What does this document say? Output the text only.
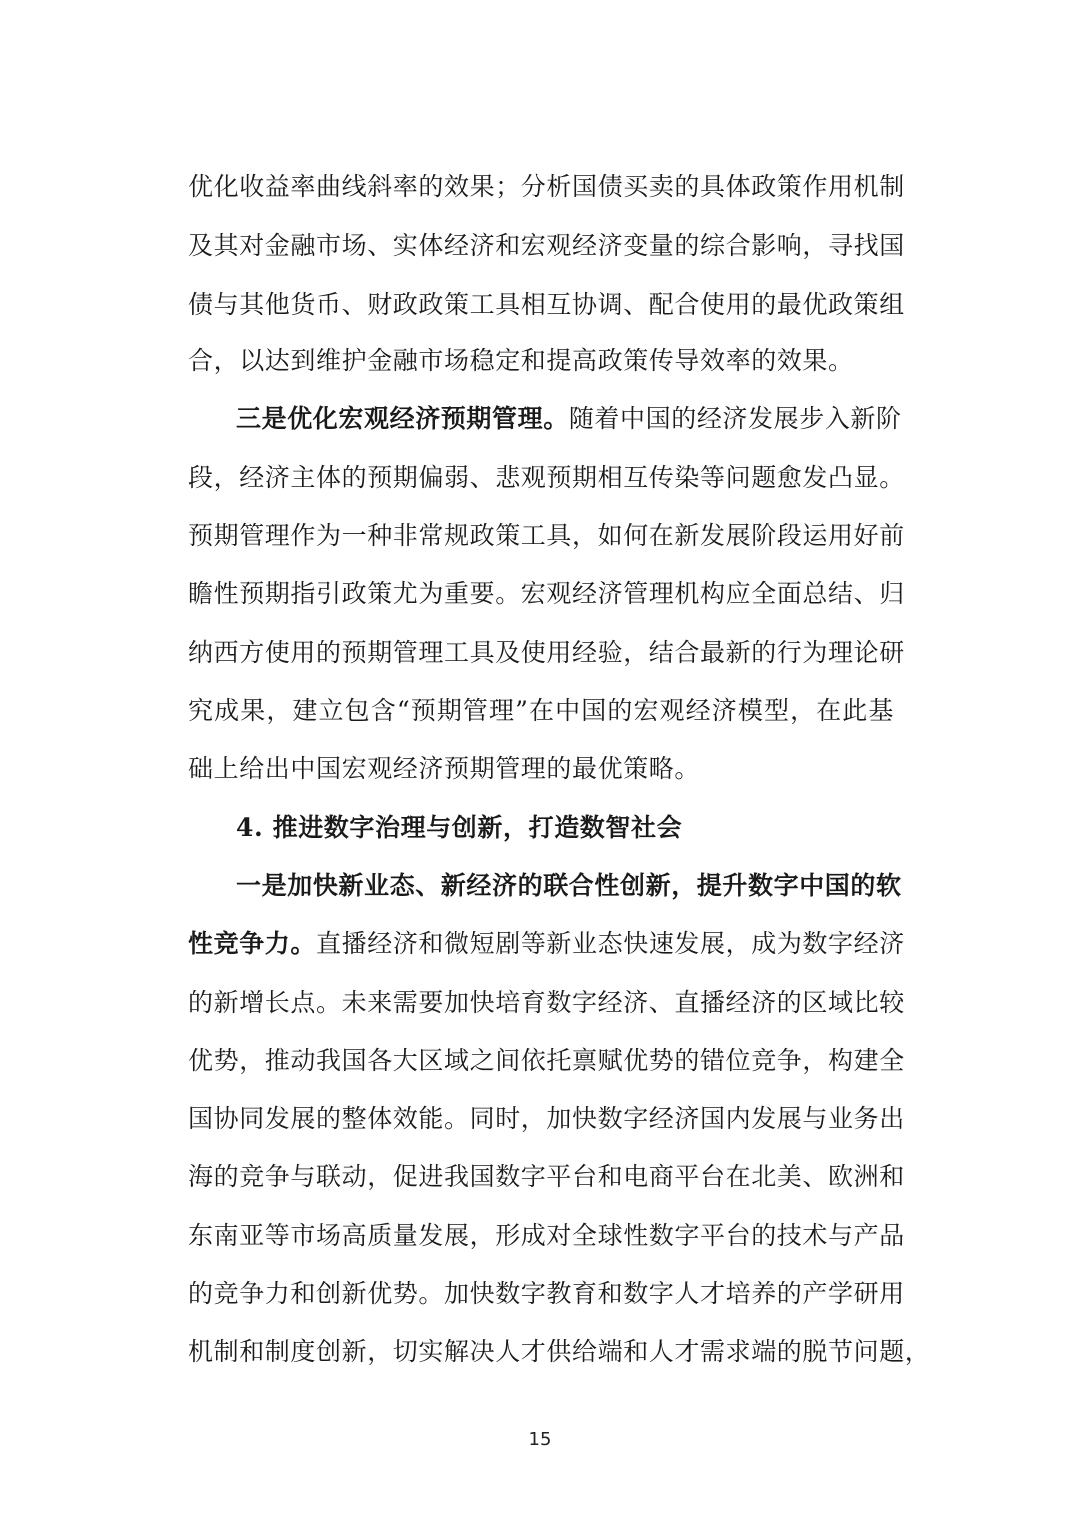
优化收益率曲线斜率的效果；分析国债买卖的具体政策作用机制
及其对金融市场、实体经济和宏观经济变量的综合影响，寻找国
债与其他货币、财政政策工具相互协调、配合使用的最优政策组
合，以达到维护金融市场稳定和提高政策传导效率的效果。
三是优化宏观经济预期管理。随着中国的经济发展步入新阶
段，经济主体的预期偏弱、悲观预期相互传染等问题愈发凸显。
预期管理作为一种非常规政策工具，如何在新发展阶段运用好前
瞻性预期指引政策尤为重要。宏观经济管理机构应全面总结、归
纳西方使用的预期管理工具及使用经验，结合最新的行为理论研
究成果，建立包含“预期管理”在中国的宏观经济模型，在此基
础上给出中国宏观经济预期管理的最优策略。
4. 推进数字治理与创新，打造数智社会
一是加快新业态、新经济的联合性创新，提升数字中国的软
性竞争力。直播经济和微短剧等新业态快速发展，成为数字经济
的新增长点。未来需要加快培育数字经济、直播经济的区域比较
优势，推动我国各大区域之间依托禀赋优势的错位竞争，构建全
国协同发展的整体效能。同时，加快数字经济国内发展与业务出
海的竞争与联动，促进我国数字平台和电商平台在北美、欧洲和
东南亚等市场高质量发展，形成对全球性数字平台的技术与产品
的竞争力和创新优势。加快数字教育和数字人才培养的产学研用
机制和制度创新，切实解决人才供给端和人才需求端的脱节问题，
15
